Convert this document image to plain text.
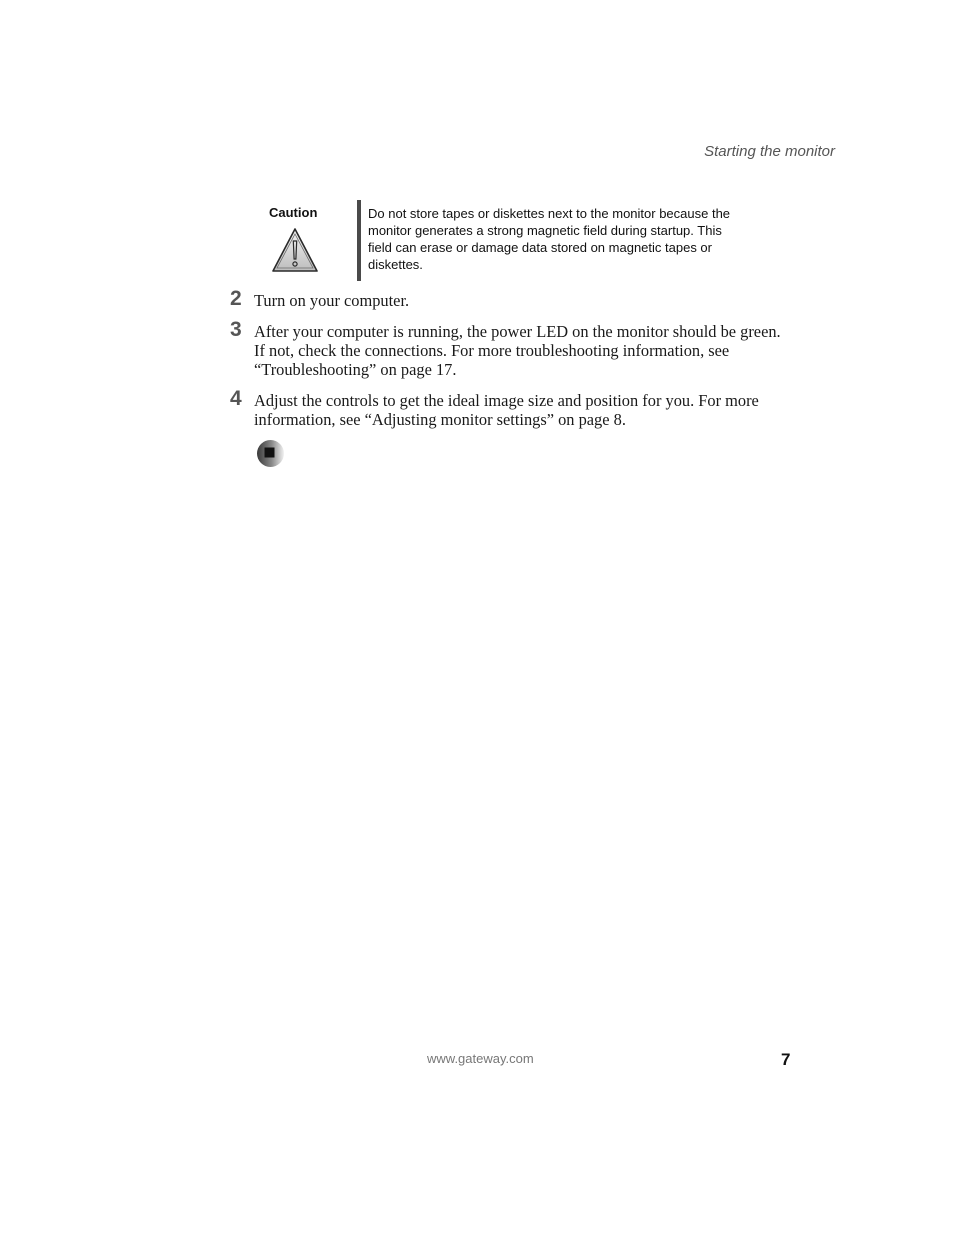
Starting the monitor
Caution	Do not store tapes or diskettes next to the monitor because the monitor generates a strong magnetic field during startup. This field can erase or damage data stored on magnetic tapes or diskettes.
2 Turn on your computer.
3 After your computer is running, the power LED on the monitor should be green. If not, check the connections. For more troubleshooting information, see “Troubleshooting” on page 17.
4 Adjust the controls to get the ideal image size and position for you. For more information, see “Adjusting monitor settings” on page 8.
www.gateway.com	7
